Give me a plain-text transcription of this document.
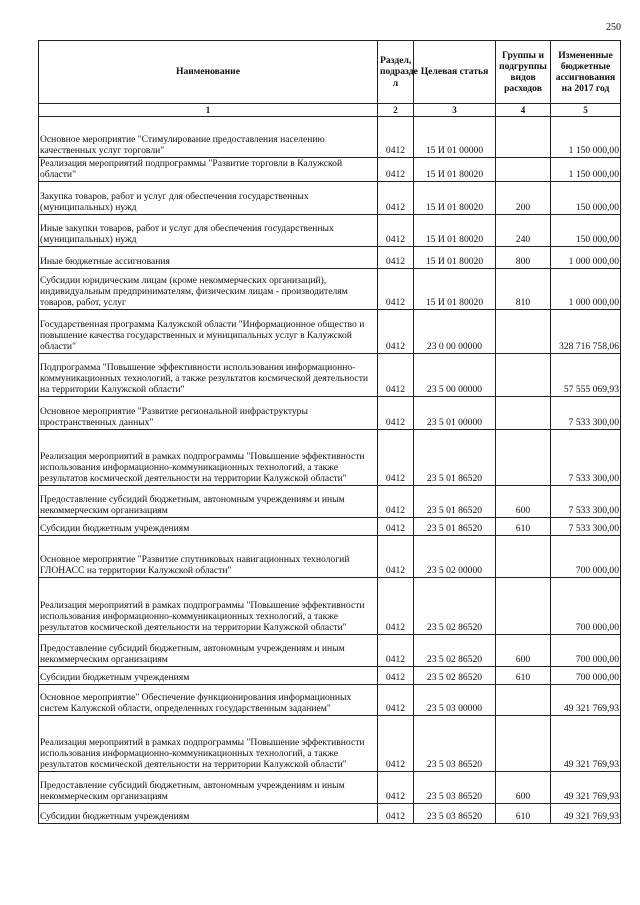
250
Наименование	Раздел, подразде л	Целевая статья	Группы и подгруппы видов расходов	Измененные бюджетные ассигнования на 2017 год
1	2	3	4	5
Основное мероприятие "Стимулирование предоставления населению качественных услуг торговли"	0412	15 И 01 00000		1 150 000,00
Реализация мероприятий подпрограммы "Развитие торговли в Калужской области"	0412	15 И 01 80020		1 150 000,00
Закупка товаров, работ и услуг для обеспечения государственных (муниципальных) нужд	0412	15 И 01 80020	200	150 000,00
Иные закупки товаров, работ и услуг для обеспечения государственных (муниципальных) нужд	0412	15 И 01 80020	240	150 000,00
Иные бюджетные ассигнования	0412	15 И 01 80020	800	1 000 000,00
Субсидии юридическим лицам (кроме некоммерческих организаций), индивидуальным предпринимателям, физическим лицам - производителям товаров, работ, услуг	0412	15 И 01 80020	810	1 000 000,00
Государственная программа Калужской области "Информационное общество и повышение качества государственных и муниципальных услуг в Калужской области"	0412	23 0 00 00000		328 716 758,06
Подпрограмма "Повышение эффективности использования информационно-коммуникационных технологий, а также результатов космической деятельности на территории Калужской области"	0412	23 5 00 00000		57 555 069,93
Основное мероприятие "Развитие региональной инфраструктуры пространственных данных"	0412	23 5 01 00000		7 533 300,00
Реализация мероприятий в рамках подпрограммы "Повышение эффективности использования информационно-коммуникационных технологий, а также результатов космической деятельности на территории Калужской области"	0412	23 5 01 86520		7 533 300,00
Предоставление субсидий бюджетным, автономным учреждениям и иным некоммерческим организациям	0412	23 5 01 86520	600	7 533 300,00
Субсидии бюджетным учреждениям	0412	23 5 01 86520	610	7 533 300,00
Основное мероприятие "Развитие спутниковых навигационных технологий ГЛОНАСС на территории Калужской области"	0412	23 5 02 00000		700 000,00
Реализация мероприятий в рамках подпрограммы "Повышение эффективности использования информационно-коммуникационных технологий, а также результатов космической деятельности на территории Калужской области"	0412	23 5 02 86520		700 000,00
Предоставление субсидий бюджетным, автономным учреждениям и иным некоммерческим организациям	0412	23 5 02 86520	600	700 000,00
Субсидии бюджетным учреждениям	0412	23 5 02 86520	610	700 000,00
Основное мероприятие" Обеспечение функционирования информационных систем Калужской области, определенных государственным заданием"	0412	23 5 03 00000		49 321 769,93
Реализация мероприятий в рамках подпрограммы "Повышение эффективности использования информационно-коммуникационных технологий, а также результатов космической деятельности на территории Калужской области"	0412	23 5 03 86520		49 321 769,93
Предоставление субсидий бюджетным, автономным учреждениям и иным некоммерческим организациям	0412	23 5 03 86520	600	49 321 769,93
Субсидии бюджетным учреждениям	0412	23 5 03 86520	610	49 321 769,93
